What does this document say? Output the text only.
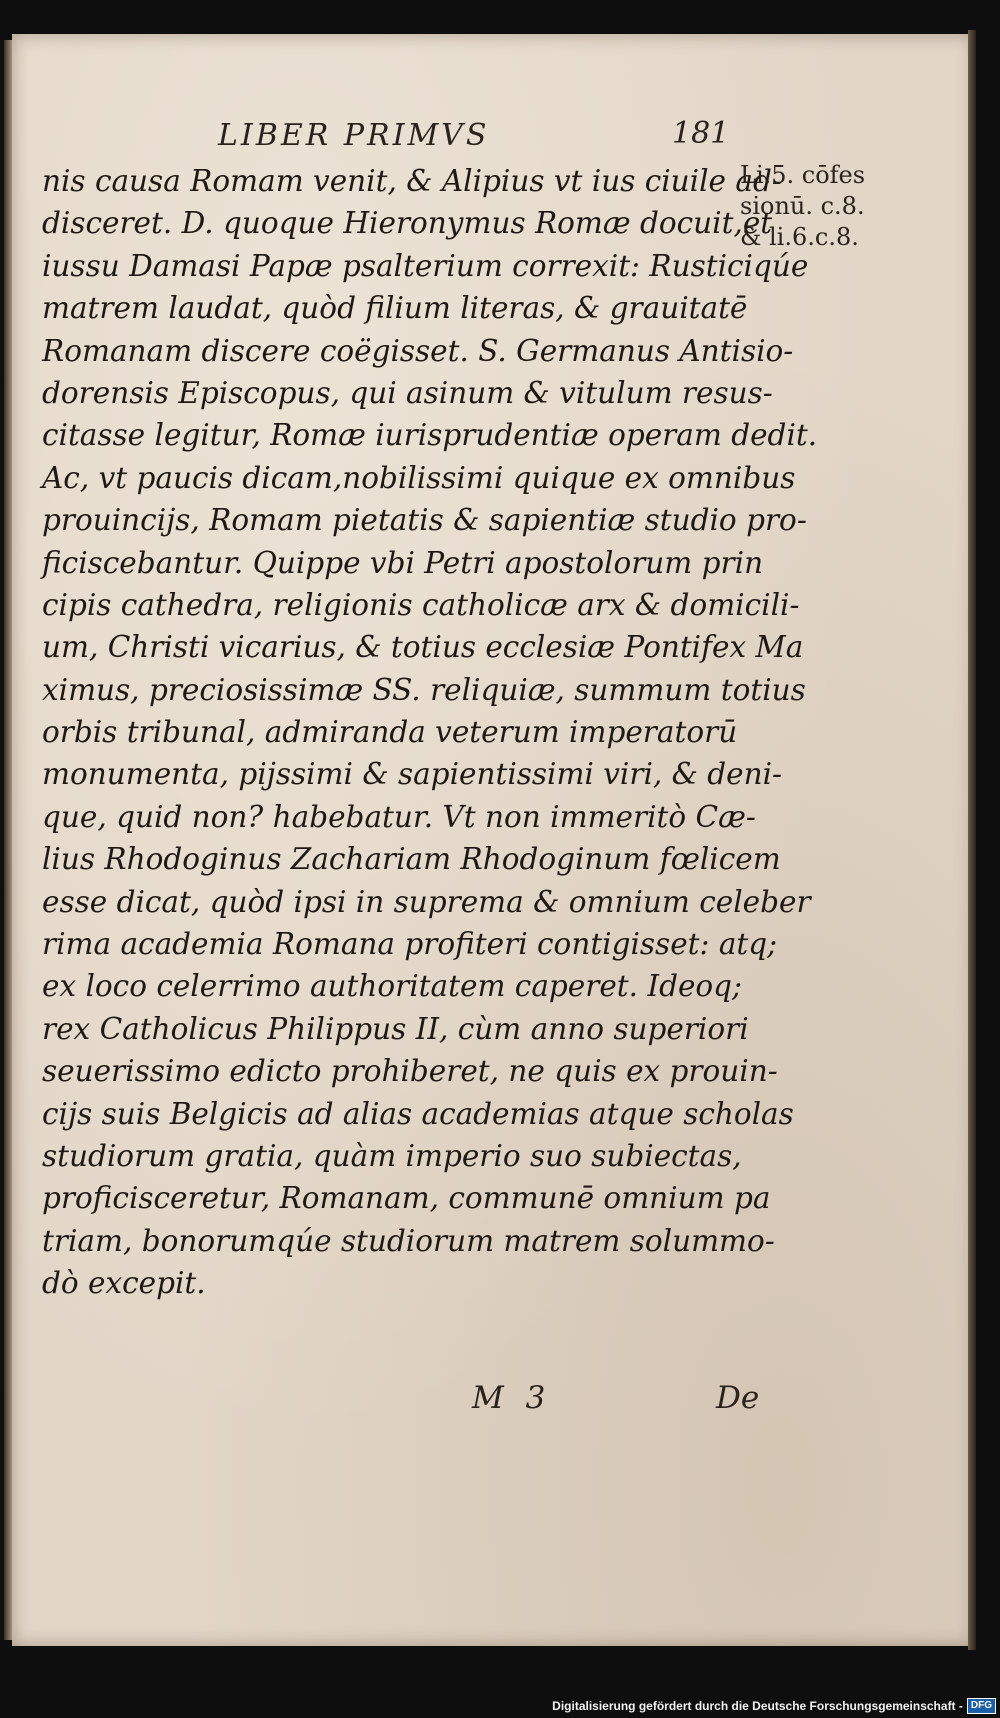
LIBER PRIMVS	181
nis causa Romam venit, & Alipius vt ius ciuile ad-
disceret. D. quoque Hieronymus Romæ docuit,et
iussu Damasi Papæ psalterium correxit: Rusticiqúe
matrem laudat, quòd filium literas, & grauitatē
Romanam discere coëgisset. S. Germanus Antisio-
dorensis Episcopus, qui asinum & vitulum resus-
citasse legitur, Romæ iurisprudentiæ operam dedit.
Ac, vt paucis dicam,nobilissimi quique ex omnibus
prouincijs, Romam pietatis & sapientiæ studio pro-
ficiscebantur. Quippe vbi Petri apostolorum prin
cipis cathedra, religionis catholicæ arx & domicili-
um, Christi vicarius, & totius ecclesiæ Pontifex Ma
ximus, preciosissimæ SS. reliquiæ, summum totius
orbis tribunal, admiranda veterum imperatorū
monumenta, pijssimi & sapientissimi viri, & deni-
que, quid non? habebatur. Vt non immeritò Cæ-
lius Rhodoginus Zachariam Rhodoginum fœlicem
esse dicat, quòd ipsi in suprema & omnium celeber
rima academia Romana profiteri contigisset: atq;
ex loco celerrimo authoritatem caperet. Ideoq;
rex Catholicus Philippus II, cùm anno superiori
seuerissimo edicto prohiberet, ne quis ex prouin-
cijs suis Belgicis ad alias academias atque scholas
studiorum gratia, quàm imperio suo subiectas,
proficisceretur, Romanam, communē omnium pa
triam, bonorumqúe studiorum matrem solummo-
dò excepit.
Li.5. cōfes
sionū. c.8.
& li.6.c.8.
M 3	De
Digitalisierung gefördert durch die Deutsche Forschungsgemeinschaft - DFG
